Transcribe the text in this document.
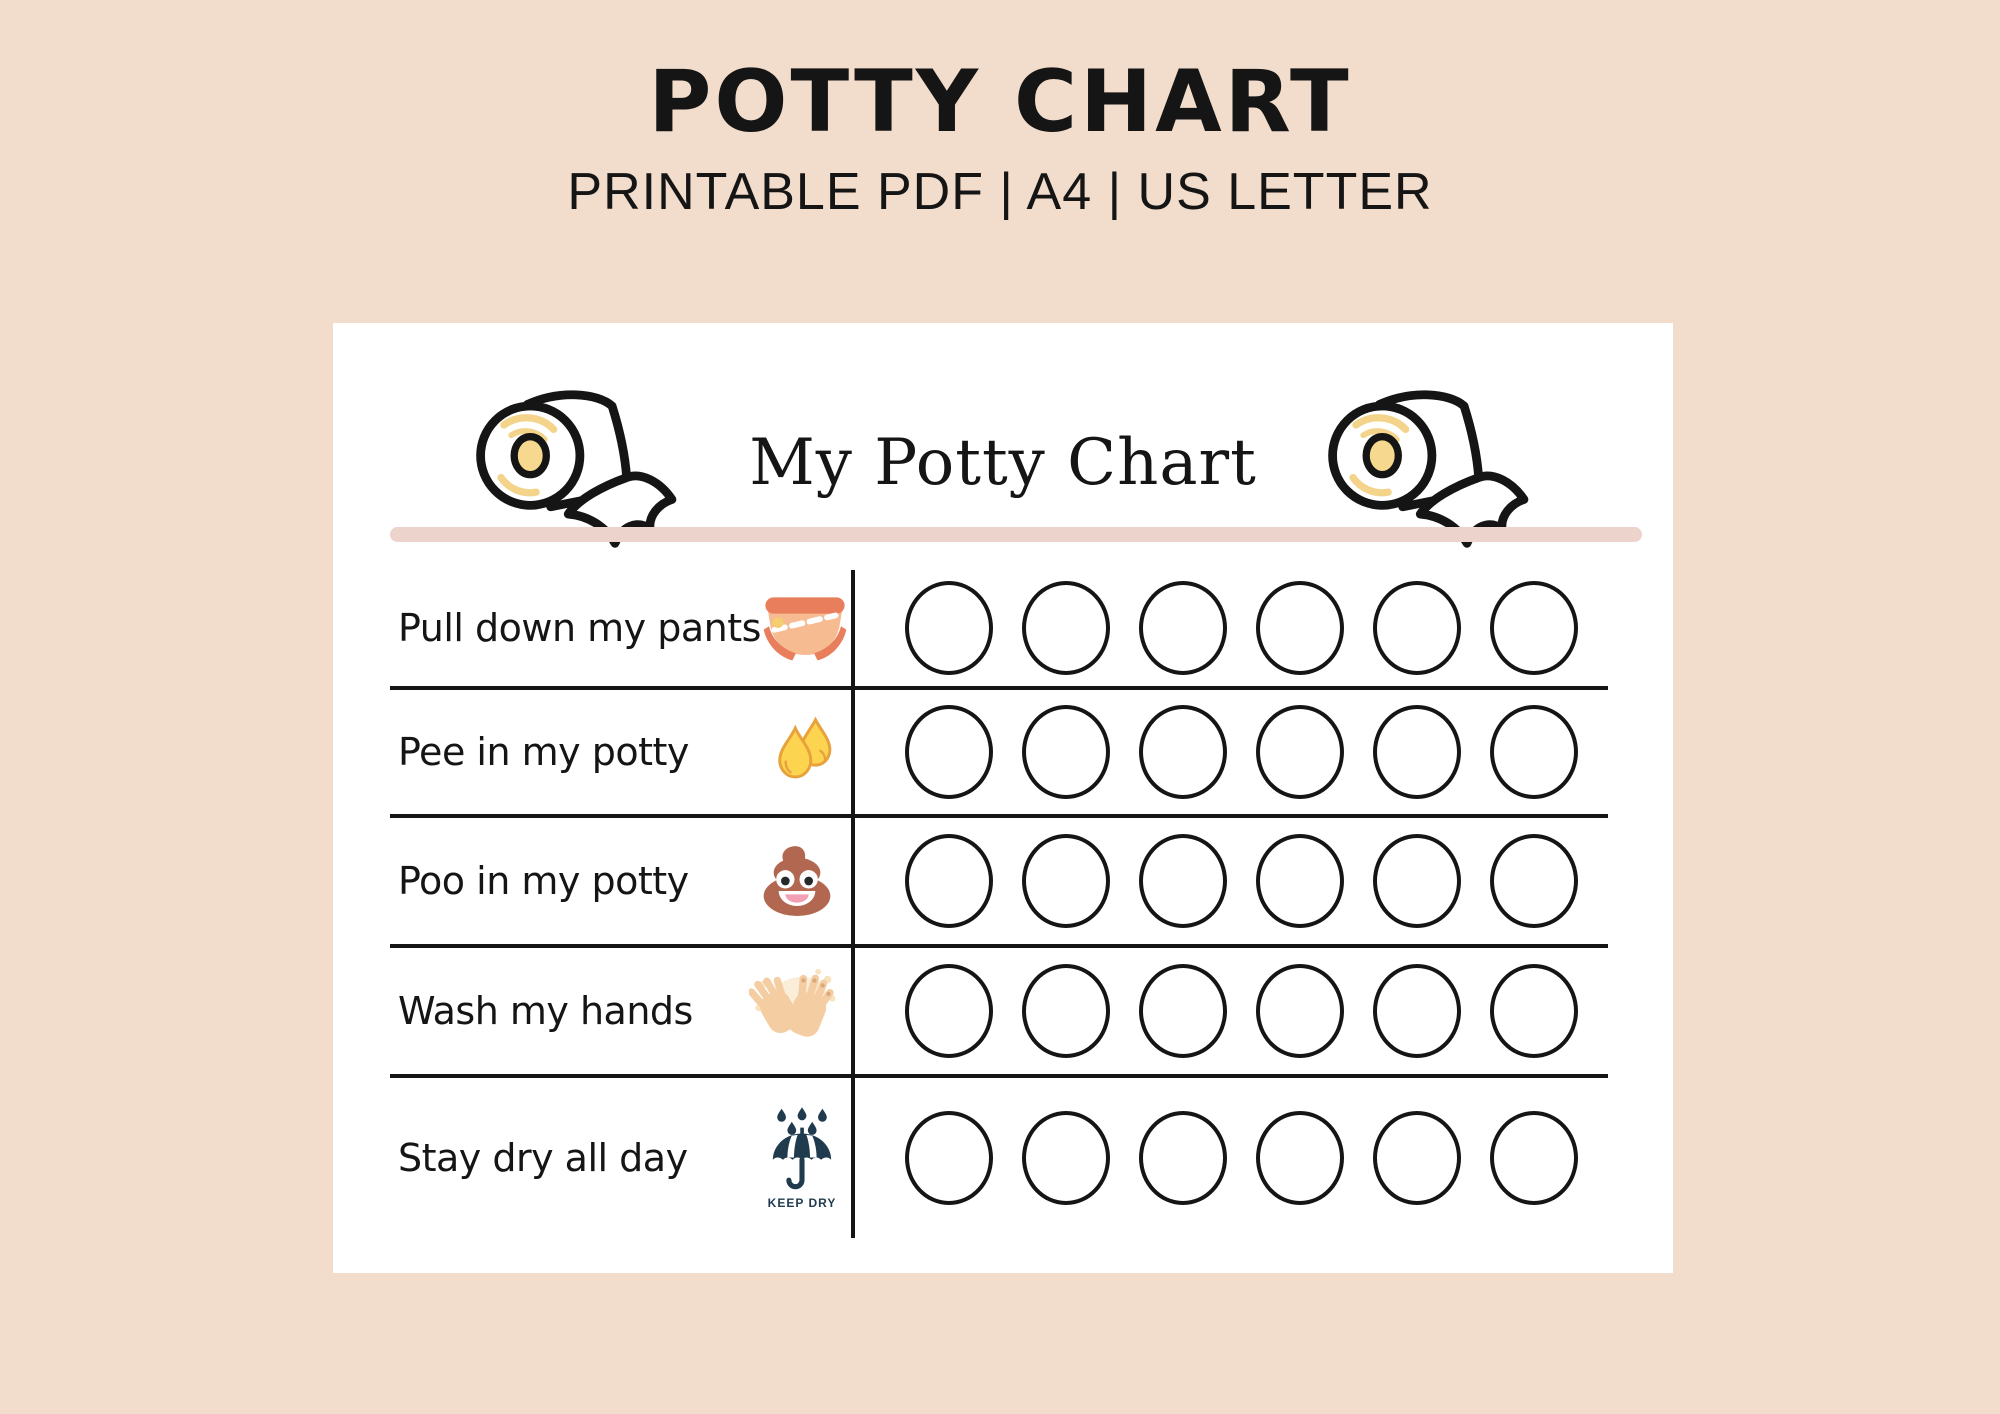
POTTY CHART
PRINTABLE PDF | A4 | US LETTER
My Potty Chart
Pull down my pants
Pee in my potty
Poo in my potty
Wash my hands
Stay dry all day
KEEP DRY
